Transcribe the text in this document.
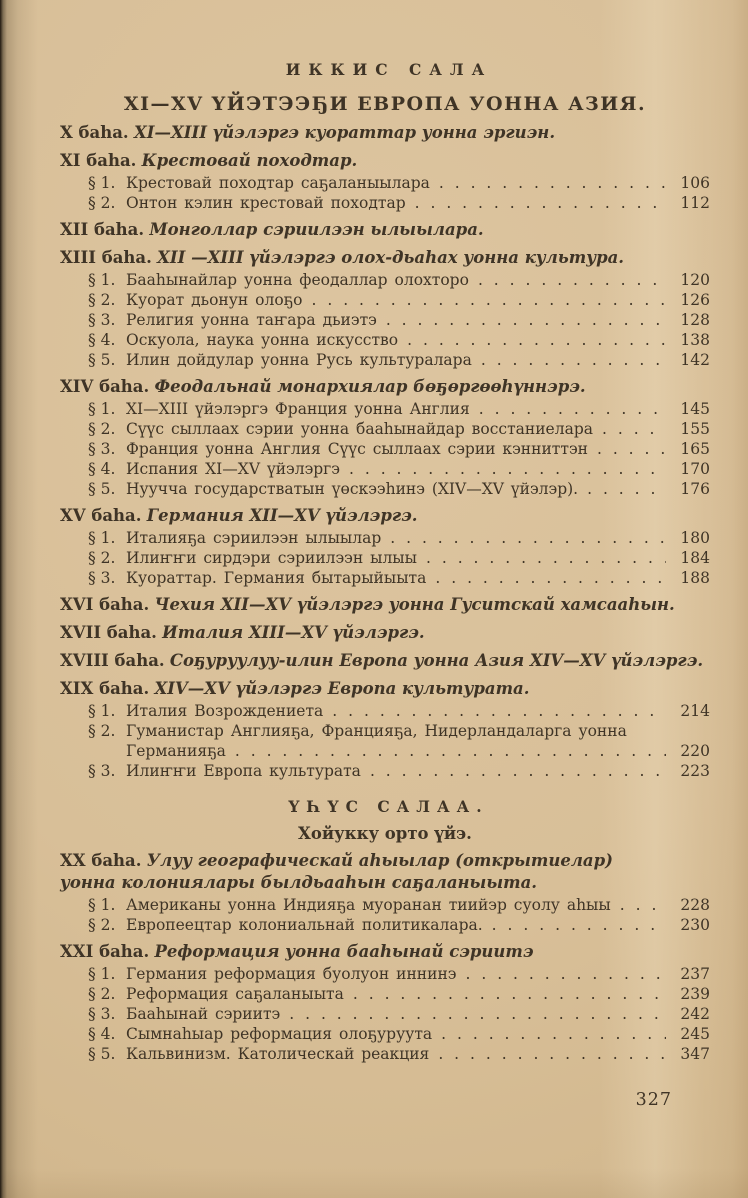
ИККИС САЛА
XI—XV ҮЙЭТЭЭҔИ ЕВРОПА УОННА АЗИЯ.
X баһа. XI—XIII үйэлэргэ куораттар уонна эргиэн.
XI баһа. Крестовай походтар.
§ 1. Крестовай походтар саҕаланыылара . . .	106
§ 2. Онтон кэлин крестовай походтар . . .	112
XII баһа. Монголлар сэриилээн ылыылара.
XIII баһа. XII —XIII үйэлэргэ олох-дьаһах уонна культура.
§ 1. Бааһынайлар уонна феодаллар олохторо . . .	120
§ 2. Куорат дьонун олоҕо . . .	126
§ 3. Религия уонна таҥара дьиэтэ . . .	128
§ 4. Оскуола, наука уонна искусство . . .	138
§ 5. Илин дойдулар уонна Русь культуралара . . .	142
XIV баһа. Феодальнай монархиялар бөҕөргөөһүннэрэ.
§ 1. XI—XIII үйэлэргэ Франция уонна Англия . . .	145
§ 2. Сүүс сыллаах сэрии уонна бааһынайдар восстаниелара . . .	155
§ 3. Франция уонна Англия Сүүс сыллаах сэрии кэнниттэн . . .	165
§ 4. Испания XI—XV үйэлэргэ . . .	170
§ 5. Нуучча государстватын үөскээһинэ (XIV—XV үйэлэр). . . .	176
XV баһа. Германия XII—XV үйэлэргэ.
§ 1. Италияҕа сэриилээн ылыылар . . .	180
§ 2. Илиҥҥи сирдэри сэриилээн ылыы . . .	184
§ 3. Куораттар. Германия бытарыйыыта . . .	188
XVI баһа. Чехия XII—XV үйэлэргэ уонна Гуситскай хамсааһын.
XVII баһа. Италия XIII—XV үйэлэргэ.
XVIII баһа. Соҕуруулуу-илин Европа уонна Азия XIV—XV үйэлэргэ.
XIX баһа. XIV—XV үйэлэргэ Европа культурата.
§ 1. Италия Возрождениета . . .	214
§ 2. Гуманистар Англияҕа, Францияҕа, Нидерландаларга уонна
Германияҕа . . .	220
§ 3. Илиҥҥи Европа культурата . . .	223
ҮҺҮС САЛАА.
Хойукку орто үйэ.
XX баһа. Улуу географическай аһыылар (открытиелар) уонна колониялары былдьааһын саҕаланыыта.
§ 1. Американы уонна Индияҕа муоранан тиийэр суолу аһыы . . .	228
§ 2. Европеецтар колониальнай политикалара. . . .	230
XXI баһа. Реформация уонна бааһынай сэриитэ
§ 1. Германия реформация буолуон иннинэ . . .	237
§ 2. Реформация саҕаланыыта . . .	239
§ 3. Бааһынай сэриитэ . . .	242
§ 4. Сымнаһыар реформация олоҕуруута . . .	245
§ 5. Кальвинизм. Католическай реакция . . .	347
327
